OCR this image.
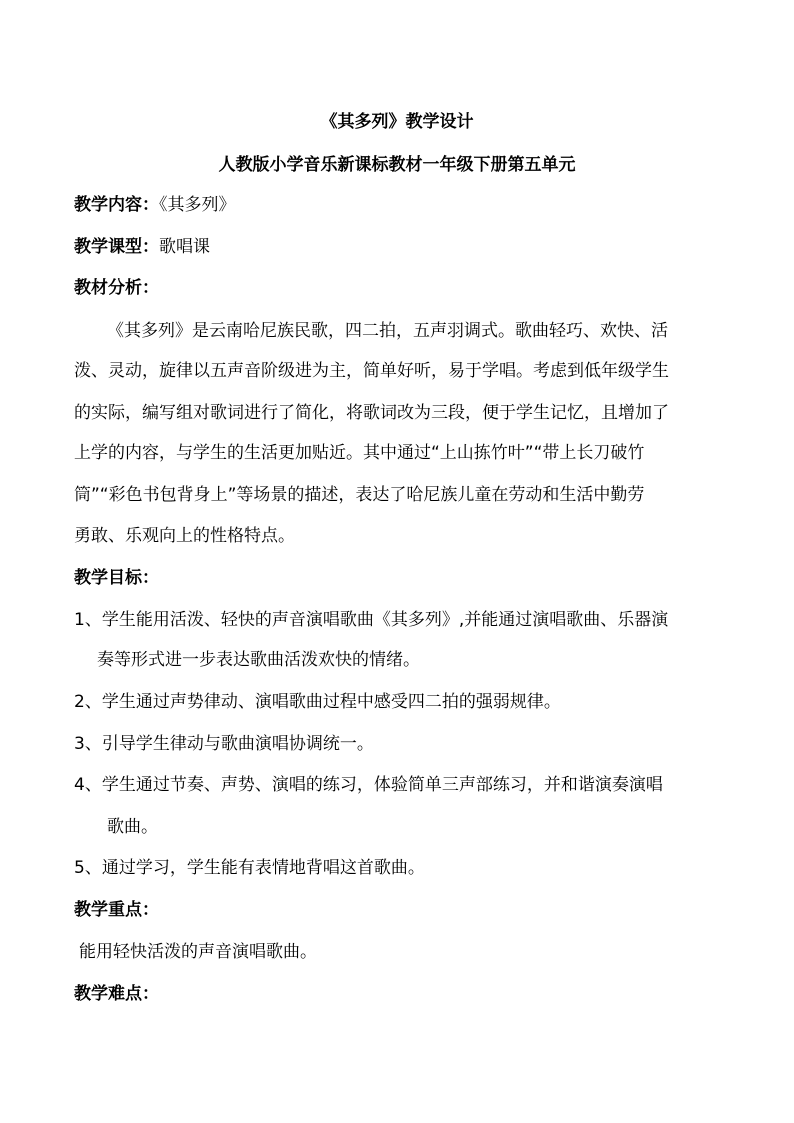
《其多列》教学设计
人教版小学音乐新课标教材一年级下册第五单元
教学内容：《其多列》
教学课型：歌唱课
教材分析：
《其多列》是云南哈尼族民歌，四二拍，五声羽调式。歌曲轻巧、欢快、活
泼、灵动，旋律以五声音阶级进为主，简单好听，易于学唱。考虑到低年级学生
的实际，编写组对歌词进行了简化，将歌词改为三段，便于学生记忆，且增加了
上学的内容，与学生的生活更加贴近。其中通过“上山拣竹叶”“带上长刀破竹
筒”“彩色书包背身上”等场景的描述，表达了哈尼族儿童在劳动和生活中勤劳
勇敢、乐观向上的性格特点。
教学目标：
1、学生能用活泼、轻快的声音演唱歌曲《其多列》,并能通过演唱歌曲、乐器演
奏等形式进一步表达歌曲活泼欢快的情绪。
2、学生通过声势律动、演唱歌曲过程中感受四二拍的强弱规律。
3、引导学生律动与歌曲演唱协调统一。
4、学生通过节奏、声势、演唱的练习，体验简单三声部练习，并和谐演奏演唱
歌曲。
5、通过学习，学生能有表情地背唱这首歌曲。
教学重点：
能用轻快活泼的声音演唱歌曲。
教学难点：
